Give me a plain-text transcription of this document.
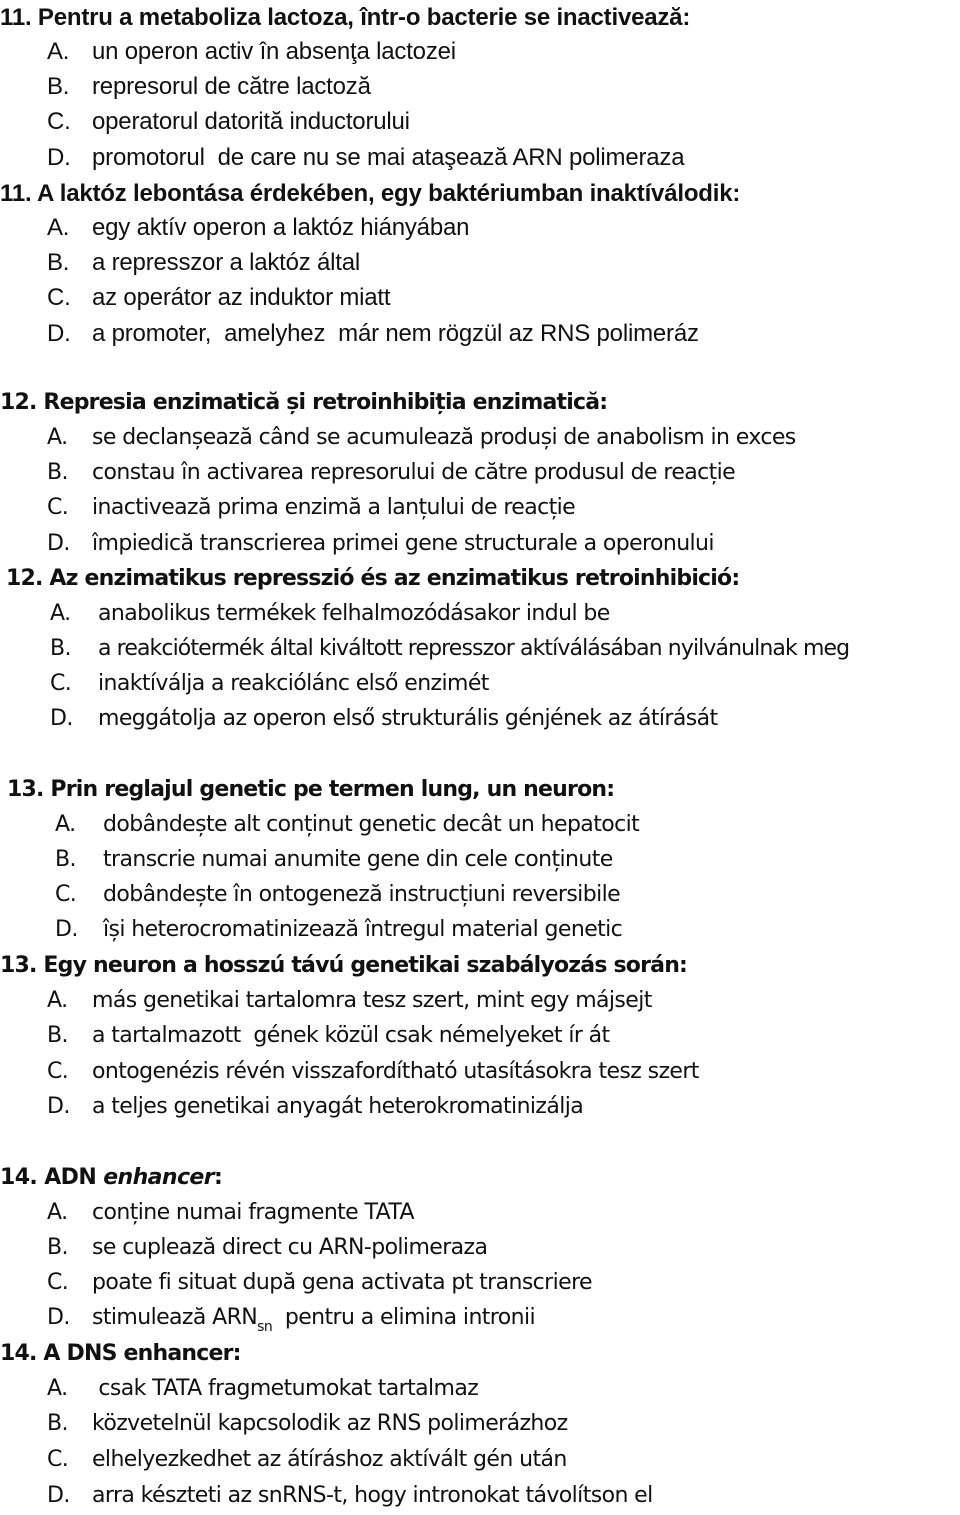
11. Pentru a metaboliza lactoza, într-o bacterie se inactivează:
A. un operon activ în absenţa lactozei
B. represorul de către lactoză
C. operatorul datorită inductorului
D. promotorul  de care nu se mai ataşează ARN polimeraza
11. A laktóz lebontása érdekében, egy baktériumban inaktíválodik:
A. egy aktív operon a laktóz hiányában
B. a represszor a laktóz által
C. az operátor az induktor miatt
D. a promoter,  amelyhez  már nem rögzül az RNS polimeráz
12. Represia enzimatică și retroinhibiția enzimatică:
A. se declanșează când se acumulează produși de anabolism in exces
B. constau în activarea represorului de către produsul de reacție
C. inactivează prima enzimă a lanțului de reacție
D. împiedică transcrierea primei gene structurale a operonului
12. Az enzimatikus represszió és az enzimatikus retroinhibició:
A. anabolikus termékek felhalmozódásakor indul be
B. a reakciótermék által kiváltott represszor aktíválásában nyilvánulnak meg
C. inaktíválja a reakciólánc első enzimét
D. meggátolja az operon első strukturális génjének az átírását
13. Prin reglajul genetic pe termen lung, un neuron:
A. dobândește alt conținut genetic decât un hepatocit
B. transcrie numai anumite gene din cele conținute
C. dobândește în ontogeneză instrucțiuni reversibile
D. își heterocromatinizează întregul material genetic
13. Egy neuron a hosszú távú genetikai szabályozás során:
A. más genetikai tartalomra tesz szert, mint egy májsejt
B. a tartalmazott  gének közül csak némelyeket ír át
C. ontogenézis révén visszafordítható utasításokra tesz szert
D. a teljes genetikai anyagát heterokromatinizálja
14. ADN enhancer:
A. conține numai fragmente TATA
B. se cuplează direct cu ARN-polimeraza
C. poate fi situat după gena activata pt transcriere
D. stimulează $ARN_{sn}$  pentru a elimina intronii
14. A DNS enhancer:
A. csak TATA fragmetumokat tartalmaz
B. közvetelnül kapcsolodik az RNS polimerázhoz
C. elhelyezkedhet az átíráshoz aktívált gén után
D. arra készteti az snRNS-t, hogy intronokat távolítson el
